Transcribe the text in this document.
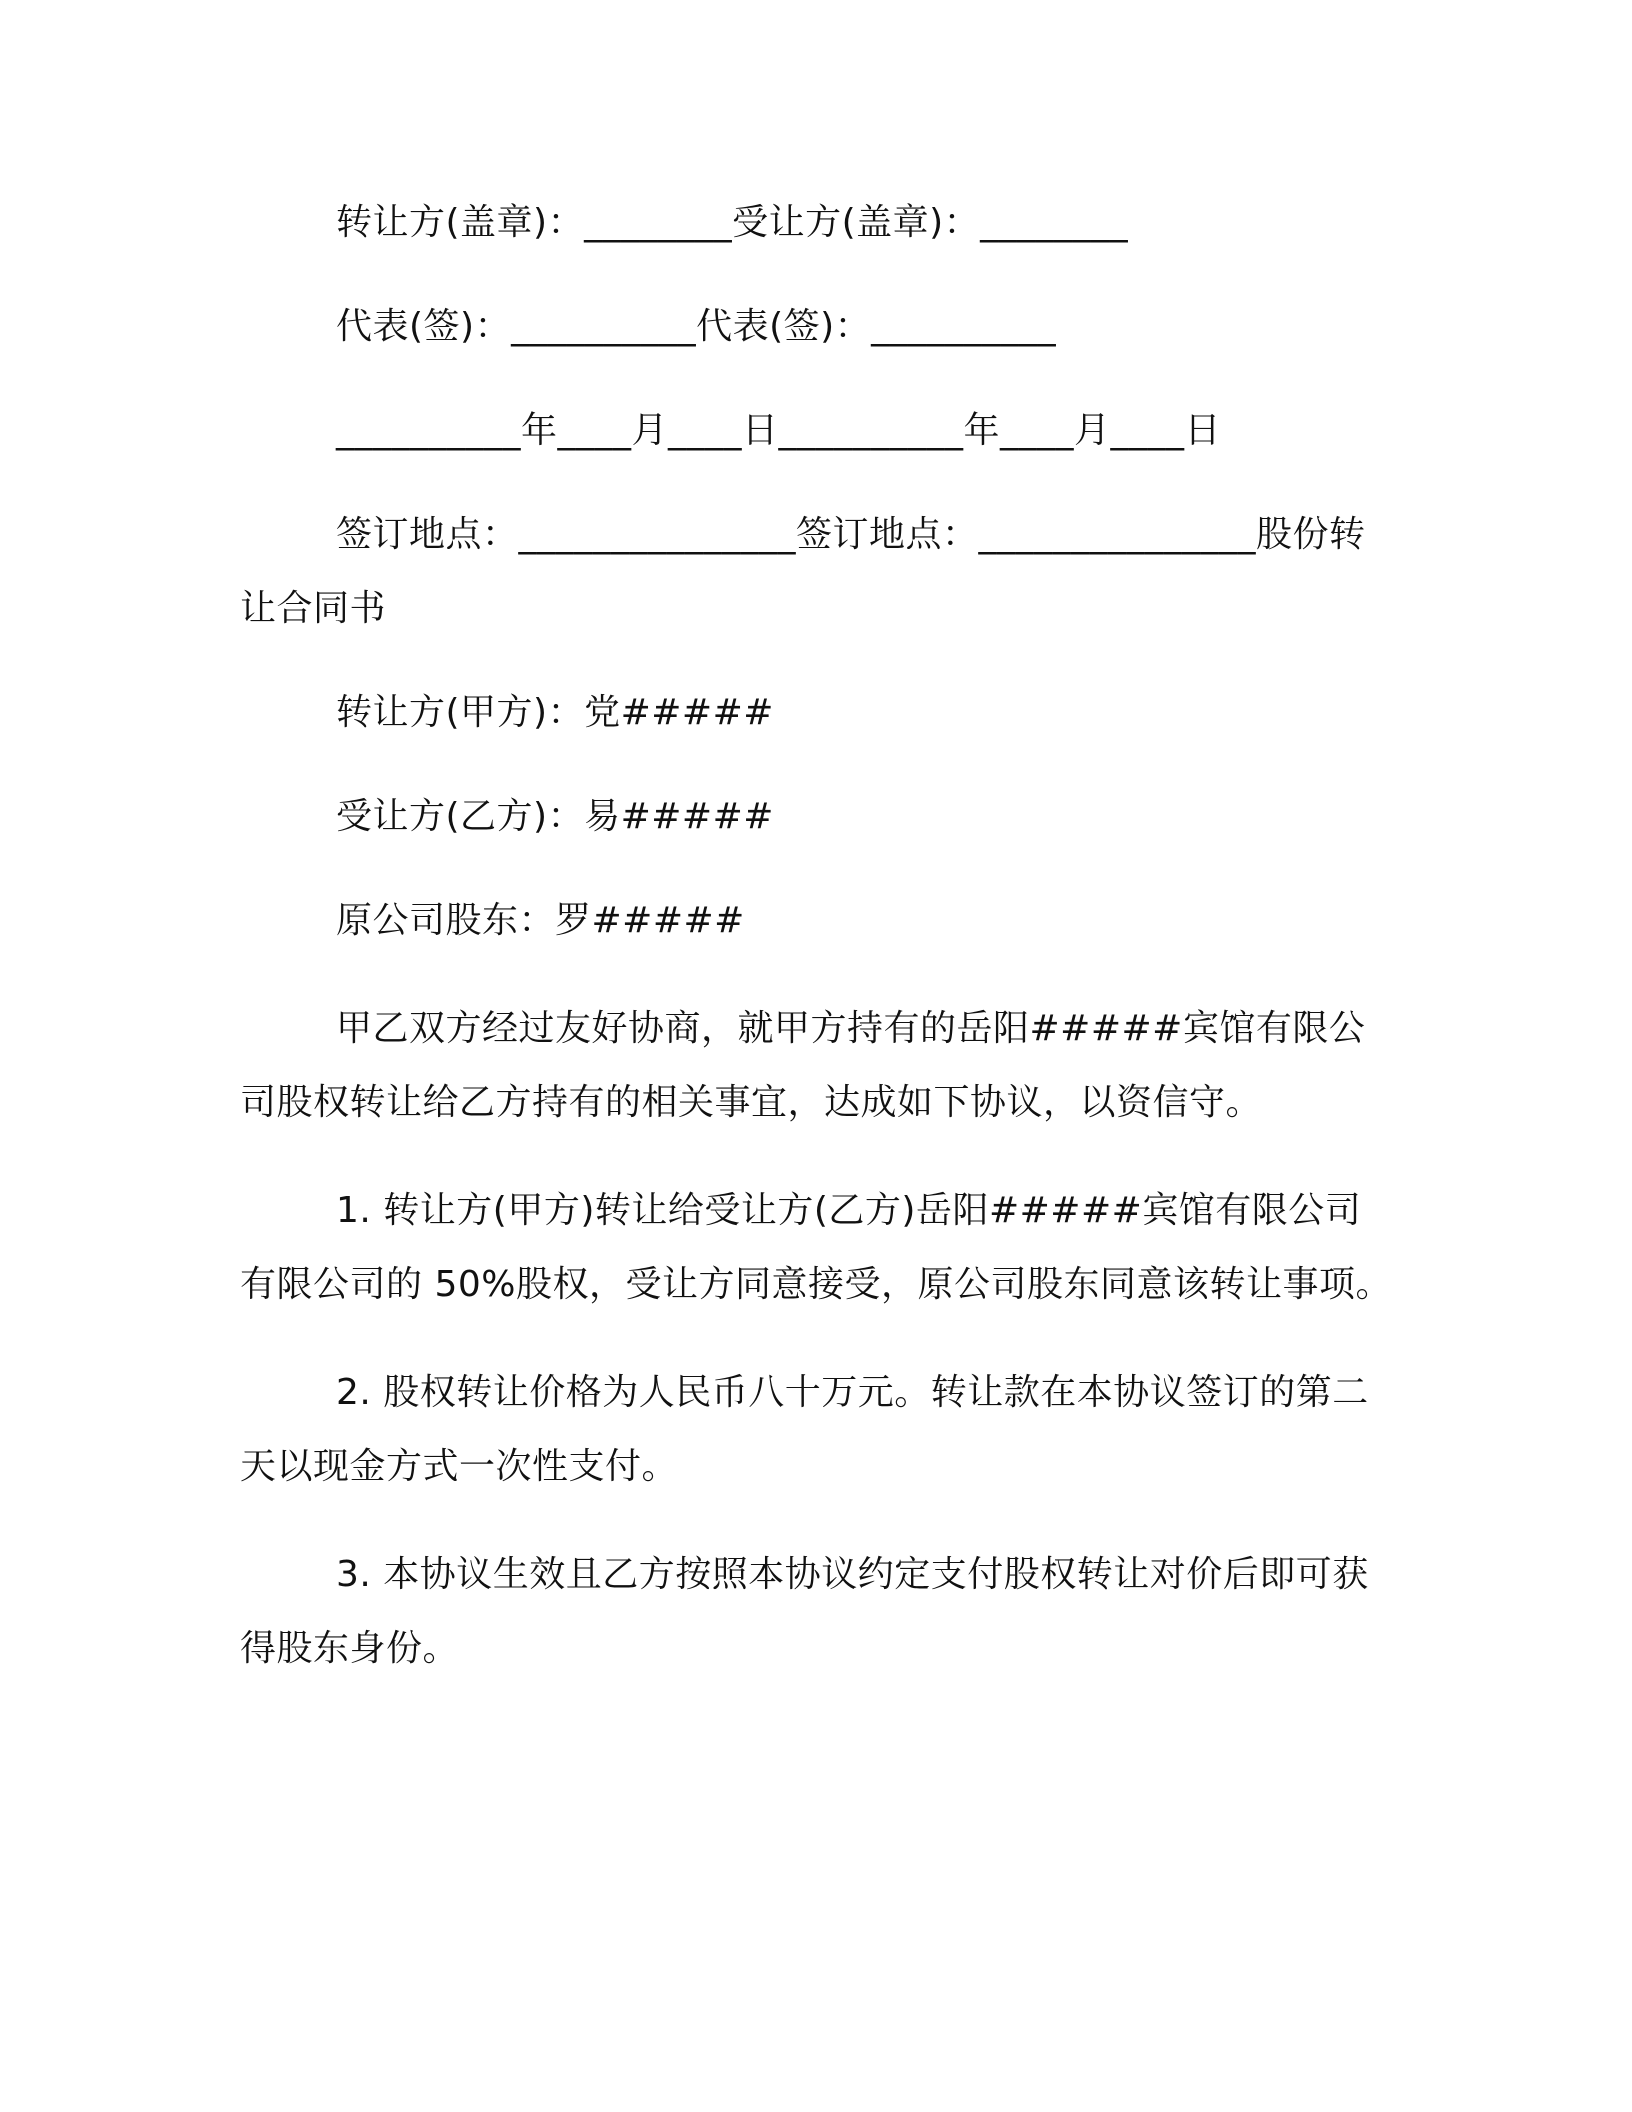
转让方(盖章)：________受让方(盖章)：________

代表(签)：__________代表(签)：__________

__________年____月____日__________年____月____日

签订地点：_______________签订地点：_______________股份转让合同书

转让方(甲方)：党#####

受让方(乙方)：易#####

原公司股东：罗#####

甲乙双方经过友好协商，就甲方持有的岳阳#####宾馆有限公司股权转让给乙方持有的相关事宜，达成如下协议，以资信守。

1. 转让方(甲方)转让给受让方(乙方)岳阳#####宾馆有限公司有限公司的 50%股权，受让方同意接受，原公司股东同意该转让事项。

2. 股权转让价格为人民币八十万元。转让款在本协议签订的第二天以现金方式一次性支付。

3. 本协议生效且乙方按照本协议约定支付股权转让对价后即可获得股东身份。
